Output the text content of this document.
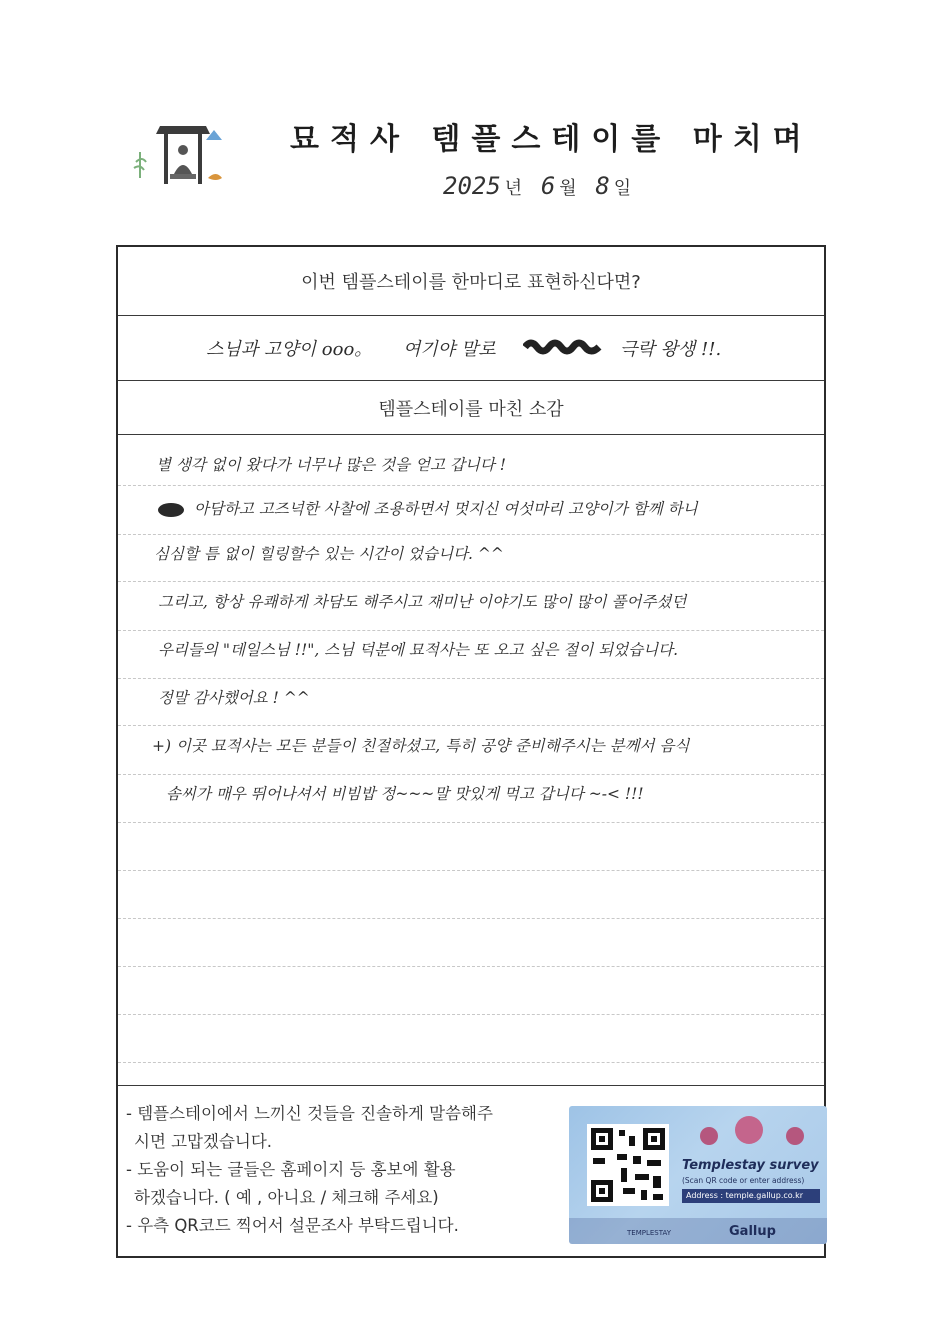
묘적사 템플스테이를 마치며
2025 년 6 월 8 일
이번 템플스테이를 한마디로 표현하신다면?
스님과 고양이 ooo。 여기야 말로	극락 왕생 !!.
템플스테이를 마친 소감
별 생각 없이 왔다가 너무나 많은 것을 얻고 갑니다 !
아담하고 고즈넉한 사찰에 조용하면서 멋지신 여섯마리 고양이가 함께 하니
심심할 틈 없이 힐링할수 있는 시간이 었습니다. ^^
그리고, 항상 유쾌하게 차담도 해주시고 재미난 이야기도 많이 많이 풀어주셨던
우리들의 "데일스님 !!", 스님 덕분에 묘적사는 또 오고 싶은 절이 되었습니다.
정말 감사했어요 ! ^^
+) 이곳 묘적사는 모든 분들이 친절하셨고, 특히 공양 준비해주시는 분께서 음식
솜씨가 매우 뛰어나셔서 비빔밥 정~~~말 맛있게 먹고 갑니다 ~-< !!!

- 템플스테이에서 느끼신 것들을 진솔하게 말씀해주

시면 고맙겠습니다.

- 도움이 되는 글들은 홈페이지 등 홍보에 활용

하겠습니다. ( 예 , 아니요 / 체크해 주세요)

- 우측 QR코드 찍어서 설문조사 부탁드립니다.

Templestay survey
(Scan QR code or enter address)
Address : temple.gallup.co.kr
TEMPLESTAY	Gallup
